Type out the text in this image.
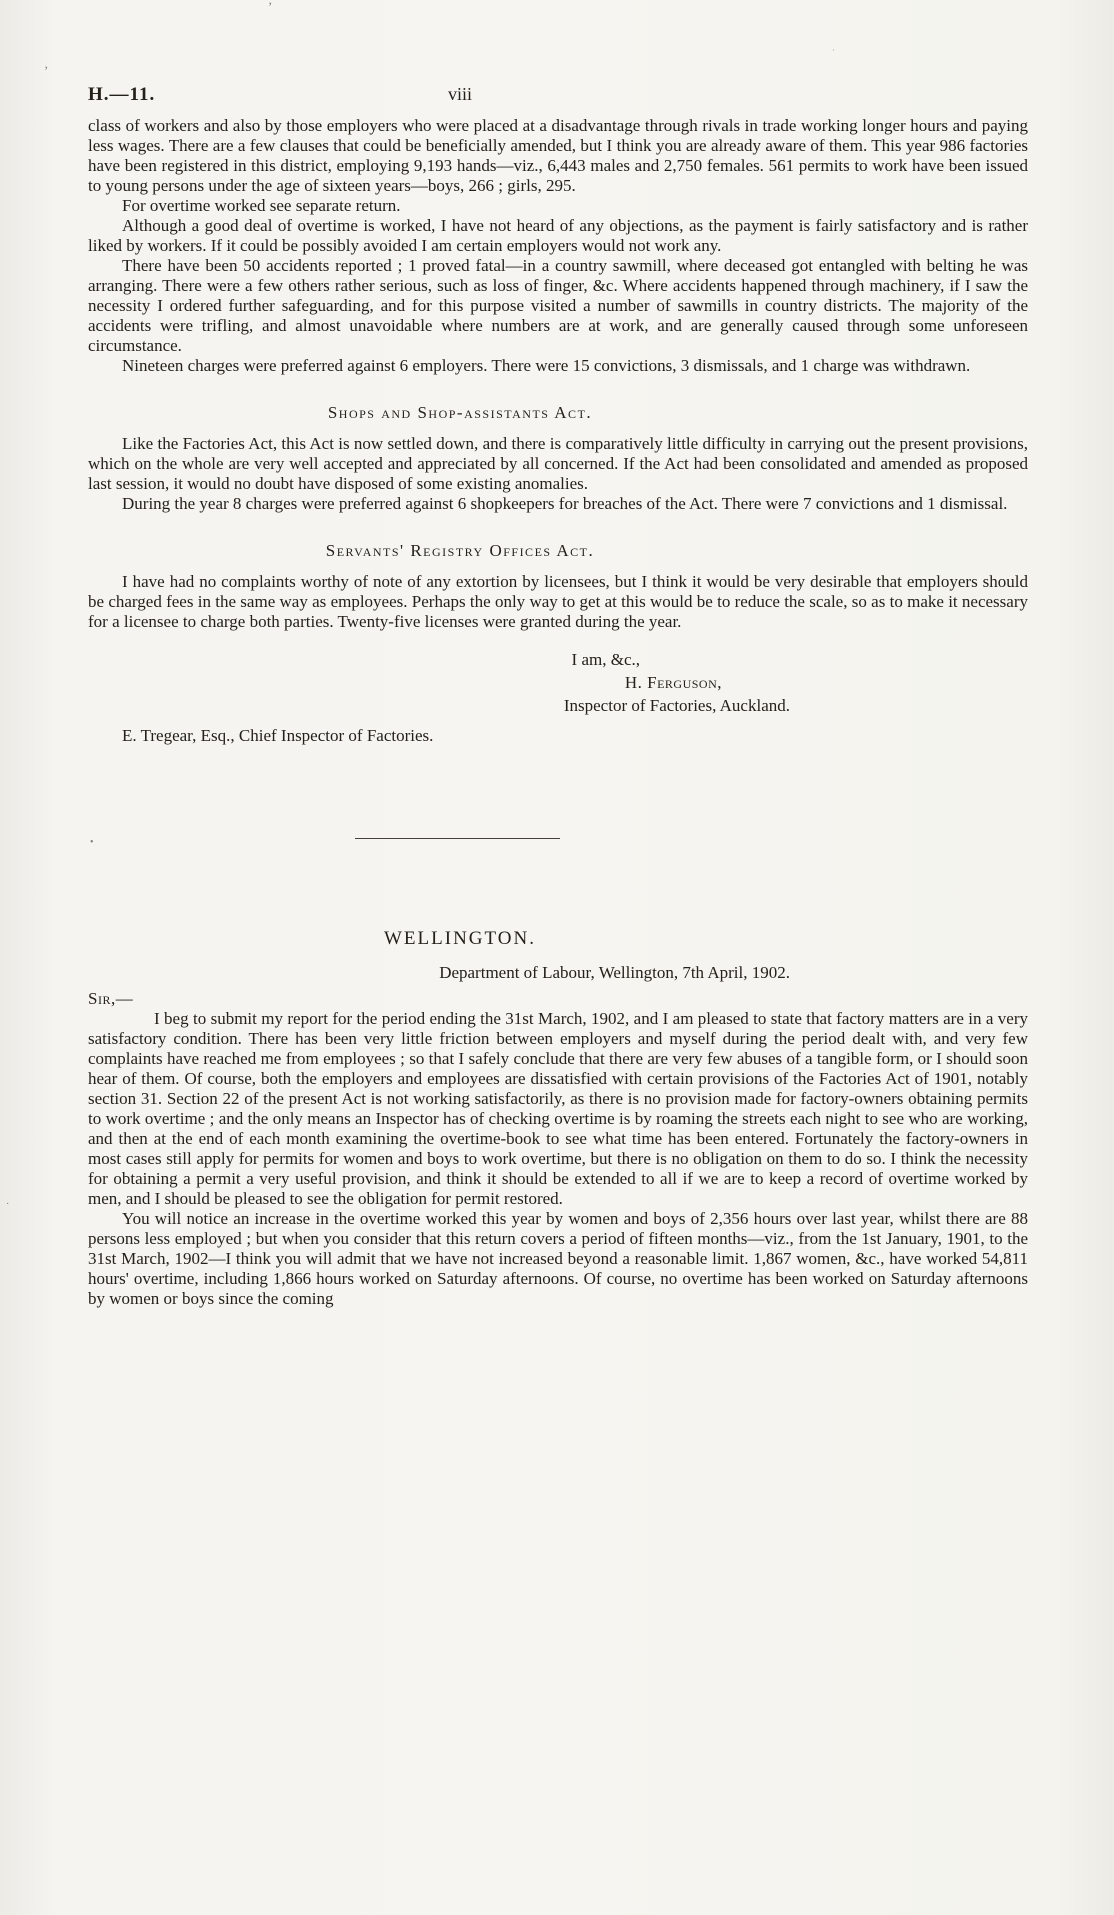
’
’
•
·
·
H.—11.	viii

class of workers and also by those employers who were placed at a disadvantage through rivals in trade working longer hours and paying less wages. There are a few clauses that could be beneficially amended, but I think you are already aware of them. This year 986 factories have been registered in this district, employing 9,193 hands—viz., 6,443 males and 2,750 females. 561 permits to work have been issued to young persons under the age of sixteen years—boys, 266 ; girls, 295.

For overtime worked see separate return.

Although a good deal of overtime is worked, I have not heard of any objections, as the payment is fairly satisfactory and is rather liked by workers. If it could be possibly avoided I am certain employers would not work any.

There have been 50 accidents reported ; 1 proved fatal—in a country sawmill, where deceased got entangled with belting he was arranging. There were a few others rather serious, such as loss of finger, &c. Where accidents happened through machinery, if I saw the necessity I ordered further safeguarding, and for this purpose visited a number of sawmills in country districts. The majority of the accidents were trifling, and almost unavoidable where numbers are at work, and are generally caused through some unforeseen circumstance.

Nineteen charges were preferred against 6 employers. There were 15 convictions, 3 dismissals, and 1 charge was withdrawn.

Shops and Shop-assistants Act.

Like the Factories Act, this Act is now settled down, and there is comparatively little difficulty in carrying out the present provisions, which on the whole are very well accepted and appreciated by all concerned. If the Act had been consolidated and amended as proposed last session, it would no doubt have disposed of some existing anomalies.

During the year 8 charges were preferred against 6 shopkeepers for breaches of the Act. There were 7 convictions and 1 dismissal.

Servants' Registry Offices Act.

I have had no complaints worthy of note of any extortion by licensees, but I think it would be very desirable that employers should be charged fees in the same way as employees. Perhaps the only way to get at this would be to reduce the scale, so as to make it necessary for a licensee to charge both parties. Twenty-five licenses were granted during the year.

I am, &c.,
H. Ferguson,
Inspector of Factories, Auckland.

E. Tregear, Esq., Chief Inspector of Factories.

WELLINGTON.

Department of Labour, Wellington, 7th April, 1902.

Sir,—

I beg to submit my report for the period ending the 31st March, 1902, and I am pleased to state that factory matters are in a very satisfactory condition. There has been very little friction between employers and myself during the period dealt with, and very few complaints have reached me from employees ; so that I safely conclude that there are very few abuses of a tangible form, or I should soon hear of them. Of course, both the employers and employees are dissatisfied with certain provisions of the Factories Act of 1901, notably section 31. Section 22 of the present Act is not working satisfactorily, as there is no provision made for factory-owners obtaining permits to work overtime ; and the only means an Inspector has of checking overtime is by roaming the streets each night to see who are working, and then at the end of each month examining the overtime-book to see what time has been entered. Fortunately the factory-owners in most cases still apply for permits for women and boys to work overtime, but there is no obligation on them to do so. I think the necessity for obtaining a permit a very useful provision, and think it should be extended to all if we are to keep a record of overtime worked by men, and I should be pleased to see the obligation for permit restored.

You will notice an increase in the overtime worked this year by women and boys of 2,356 hours over last year, whilst there are 88 persons less employed ; but when you consider that this return covers a period of fifteen months—viz., from the 1st January, 1901, to the 31st March, 1902—I think you will admit that we have not increased beyond a reasonable limit. 1,867 women, &c., have worked 54,811 hours' overtime, including 1,866 hours worked on Saturday afternoons. Of course, no overtime has been worked on Saturday afternoons by women or boys since the coming
